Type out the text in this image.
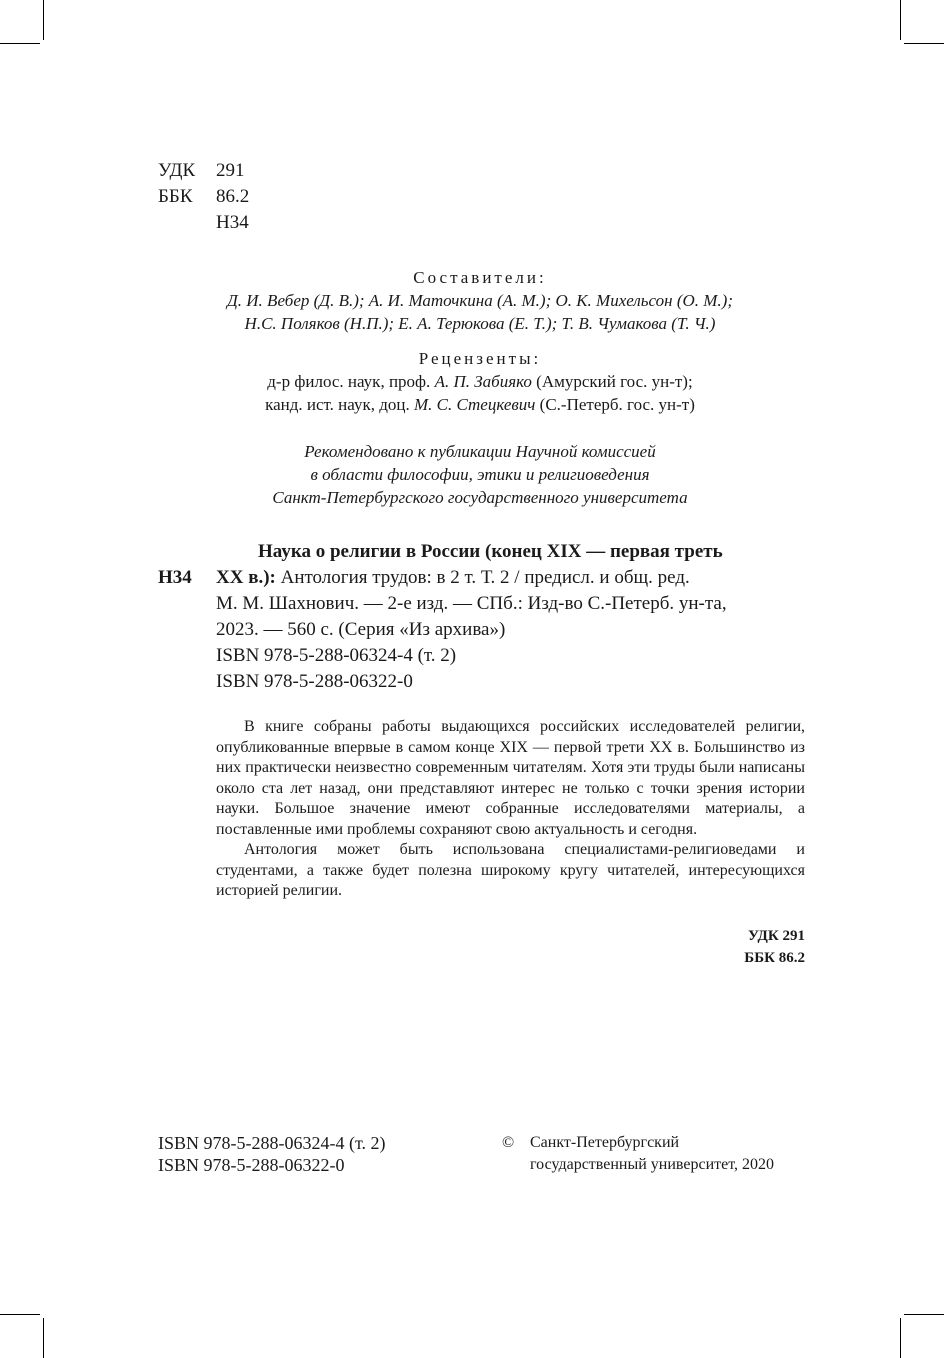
УДК	291
ББК	86.2
Н34
Составители:
Д. И. Вебер (Д. В.); А. И. Маточкина (А. М.); О. К. Михельсон (О. М.);
Н.С. Поляков (Н.П.); Е. А. Терюкова (Е. Т.); Т. В. Чумакова (Т. Ч.)
Рецензенты:
д-р филос. наук, проф. А. П. Забияко (Амурский гос. ун-т);
канд. ист. наук, доц. М. С. Стецкевич (С.-Петерб. гос. ун-т)
Рекомендовано к публикации Научной комиссией
в области философии, этики и религиоведения
Санкт-Петербургского государственного университета
Наука о религии в России (конец XIX — первая треть
Н34	XX в.): Антология трудов: в 2 т. Т. 2 / предисл. и общ. ред.
М. М. Шахнович. — 2-е изд. — СПб.: Изд-во С.-Петерб. ун-та,
2023. — 560 с. (Серия «Из архива»)
ISBN 978-5-288-06324-4 (т. 2)
ISBN 978-5-288-06322-0

В книге собраны работы выдающихся российских исследователей религии, опубликованные впервые в самом конце XIX — первой трети XX в. Большинство из них практически неизвестно современным читателям. Хотя эти труды были написаны около ста лет назад, они представляют интерес не только с точки зрения истории науки. Большое значение имеют собранные исследователями материалы, а поставленные ими проблемы сохраняют свою актуальность и сегодня.

Антология может быть использована специалистами-религиоведами и студентами, а также будет полезна широкому кругу читателей, интересующихся историей религии.

УДК 291
ББК 86.2
ISBN 978-5-288-06324-4 (т. 2)
ISBN 978-5-288-06322-0
© Санкт-Петербургский
государственный университет, 2020
